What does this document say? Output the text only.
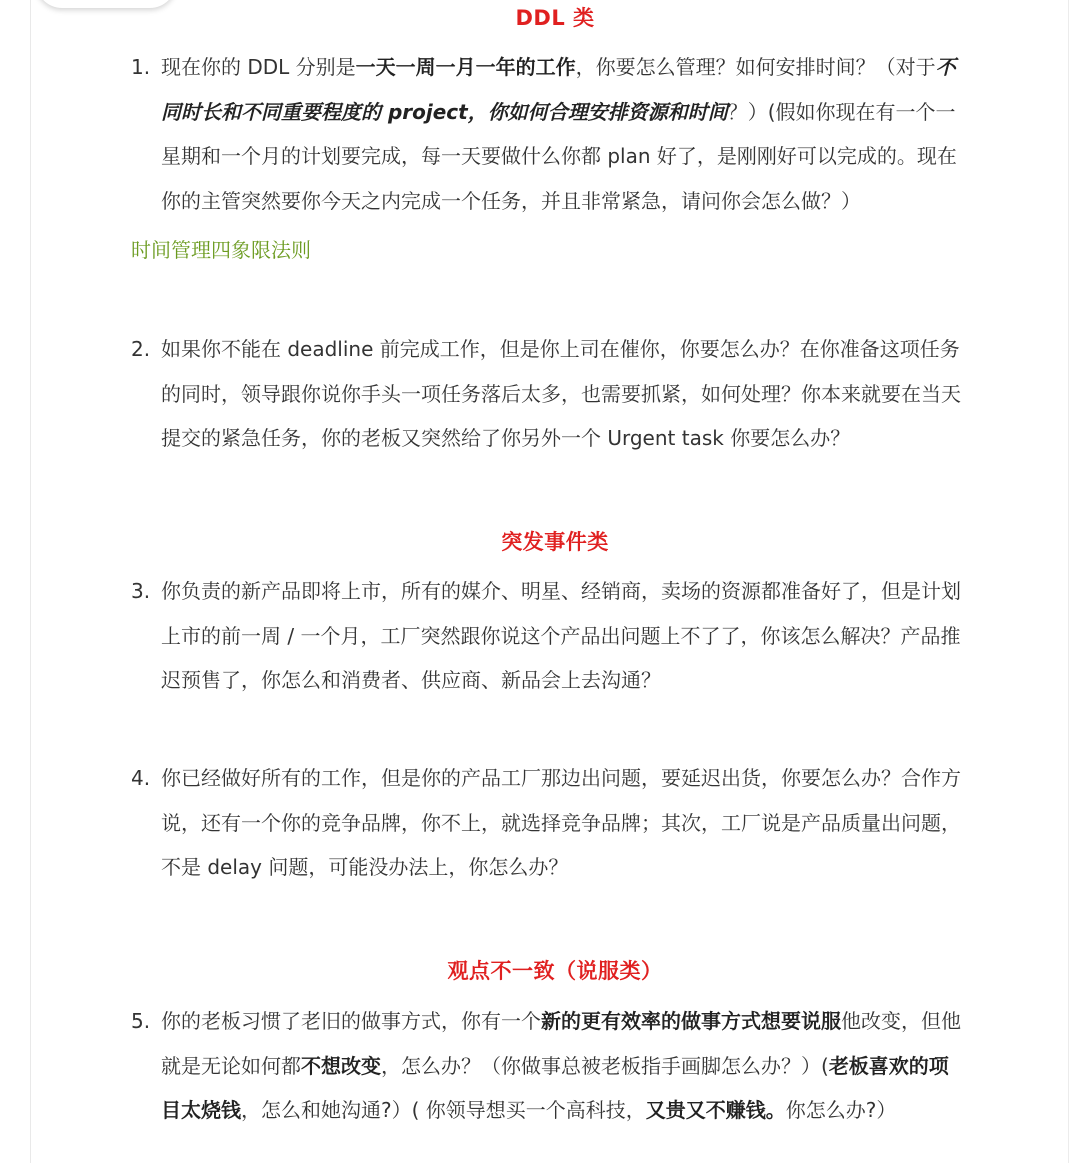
DDL 类
1. 现在你的 DDL 分别是一天一周一月一年的工作，你要怎么管理？如何安排时间？（对于不同时长和不同重要程度的 project，你如何合理安排资源和时间？）(假如你现在有一个一星期和一个月的计划要完成，每一天要做什么你都 plan 好了，是刚刚好可以完成的。现在你的主管突然要你今天之内完成一个任务，并且非常紧急，请问你会怎么做？）
时间管理四象限法则
2. 如果你不能在 deadline 前完成工作，但是你上司在催你，你要怎么办？在你准备这项任务的同时，领导跟你说你手头一项任务落后太多，也需要抓紧，如何处理？你本来就要在当天提交的紧急任务，你的老板又突然给了你另外一个 Urgent task 你要怎么办？
突发事件类
3. 你负责的新产品即将上市，所有的媒介、明星、经销商，卖场的资源都准备好了，但是计划上市的前一周 / 一个月，工厂突然跟你说这个产品出问题上不了了，你该怎么解决？产品推迟预售了，你怎么和消费者、供应商、新品会上去沟通？
4. 你已经做好所有的工作，但是你的产品工厂那边出问题，要延迟出货，你要怎么办？合作方说，还有一个你的竞争品牌，你不上，就选择竞争品牌；其次，工厂说是产品质量出问题，不是 delay 问题，可能没办法上，你怎么办？
观点不一致（说服类）
5. 你的老板习惯了老旧的做事方式，你有一个新的更有效率的做事方式想要说服他改变，但他就是无论如何都不想改变，怎么办？（你做事总被老板指手画脚怎么办？）(老板喜欢的项目太烧钱，怎么和她沟通?）( 你领导想买一个高科技，又贵又不赚钱。你怎么办?）
